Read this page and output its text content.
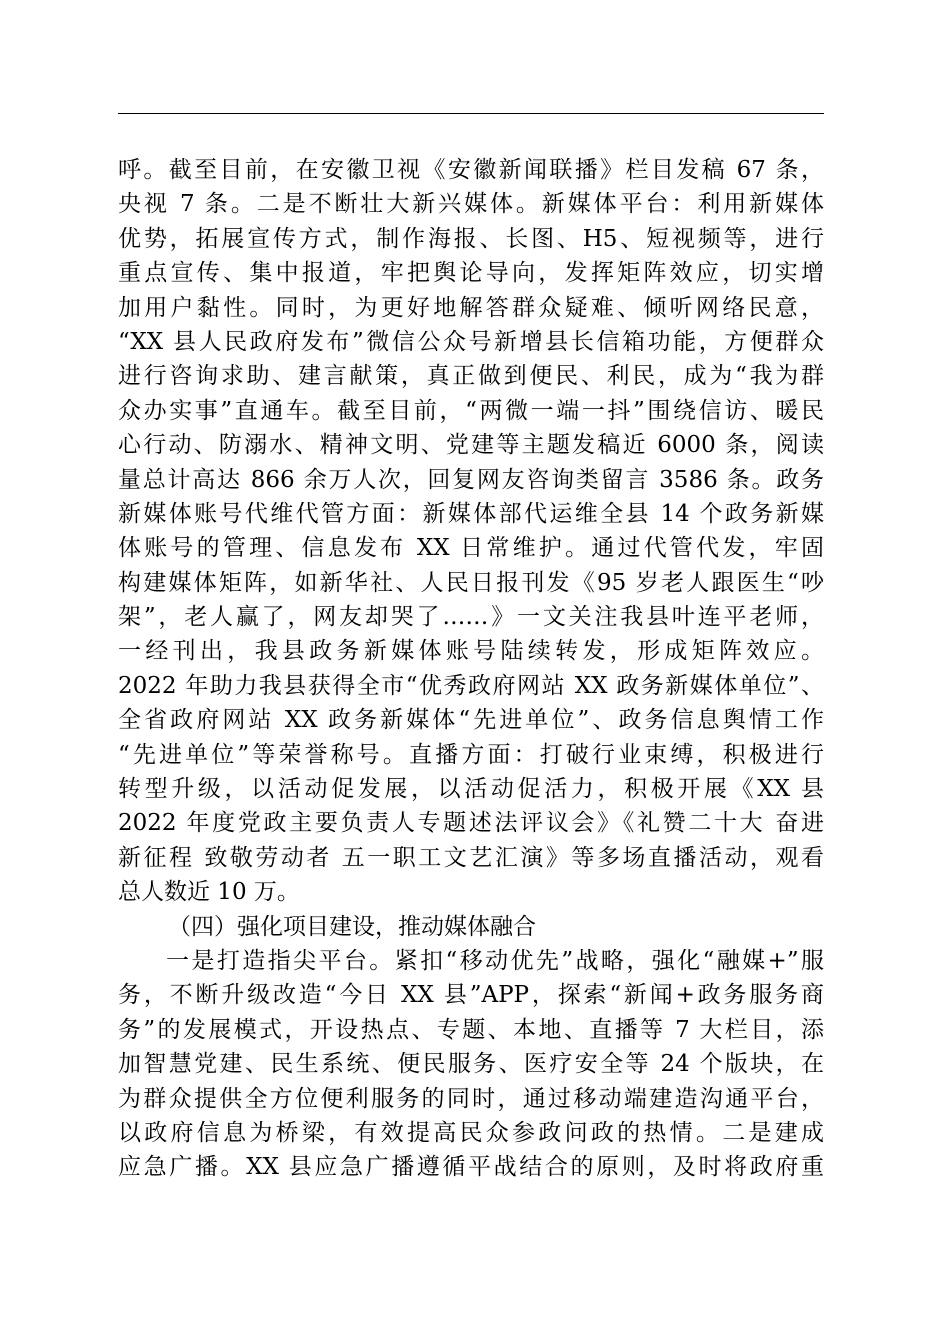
呼。截至目前，在安徽卫视《安徽新闻联播》栏目发稿 67 条，
央视 7 条。二是不断壮大新兴媒体。新媒体平台：利用新媒体
优势，拓展宣传方式，制作海报、长图、H5、短视频等，进行
重点宣传、集中报道，牢把舆论导向，发挥矩阵效应，切实增
加用户黏性。同时，为更好地解答群众疑难、倾听网络民意，
“XX 县人民政府发布”微信公众号新增县长信箱功能，方便群众
进行咨询求助、建言献策，真正做到便民、利民，成为“我为群
众办实事”直通车。截至目前，“两微一端一抖”围绕信访、暖民
心行动、防溺水、精神文明、党建等主题发稿近 6000 条，阅读
量总计高达 866 余万人次，回复网友咨询类留言 3586 条。政务
新媒体账号代维代管方面：新媒体部代运维全县 14 个政务新媒
体账号的管理、信息发布 XX 日常维护。通过代管代发，牢固
构建媒体矩阵，如新华社、人民日报刊发《95 岁老人跟医生“吵
架”，老人赢了，网友却哭了……》一文关注我县叶连平老师，
一经刊出，我县政务新媒体账号陆续转发，形成矩阵效应。
2022 年助力我县获得全市“优秀政府网站 XX 政务新媒体单位”、
全省政府网站 XX 政务新媒体“先进单位”、政务信息舆情工作
“先进单位”等荣誉称号。直播方面：打破行业束缚，积极进行
转型升级，以活动促发展，以活动促活力，积极开展《XX 县
2022 年度党政主要负责人专题述法评议会》《礼赞二十大 奋进
新征程 致敬劳动者 五一职工文艺汇演》等多场直播活动，观看
总人数近 10 万。
（四）强化项目建设，推动媒体融合
一是打造指尖平台。紧扣“移动优先”战略，强化“融媒+”服
务，不断升级改造“今日 XX 县”APP，探索“新闻+政务服务商
务”的发展模式，开设热点、专题、本地、直播等 7 大栏目，添
加智慧党建、民生系统、便民服务、医疗安全等 24 个版块，在
为群众提供全方位便利服务的同时，通过移动端建造沟通平台，
以政府信息为桥梁，有效提高民众参政问政的热情。二是建成
应急广播。XX 县应急广播遵循平战结合的原则，及时将政府重
